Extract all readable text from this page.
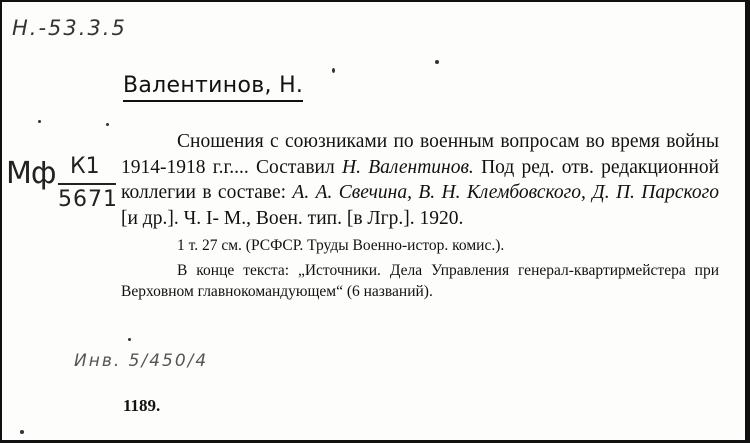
Н.-53.3.5
Валентинов, Н.
Мф К1
5671

Сношения с союзниками по военным вопросам во время войны 1914-1918 г.г.... Составил Н. Валентинов. Под ред. отв. редакционной коллегии в составе: А. А. Свечина, В. Н. Клембовского, Д. П. Парского [и др.]. Ч. I- М., Воен. тип. [в Лгр.]. 1920.

1 т. 27 см. (РСФСР. Труды Военно-истор. комис.).

В конце текста: „Источники. Дела Управления генерал-квартирмейстера при Верховном главнокомандующем“ (6 названий).

Инв. 5/450/4
1189.
